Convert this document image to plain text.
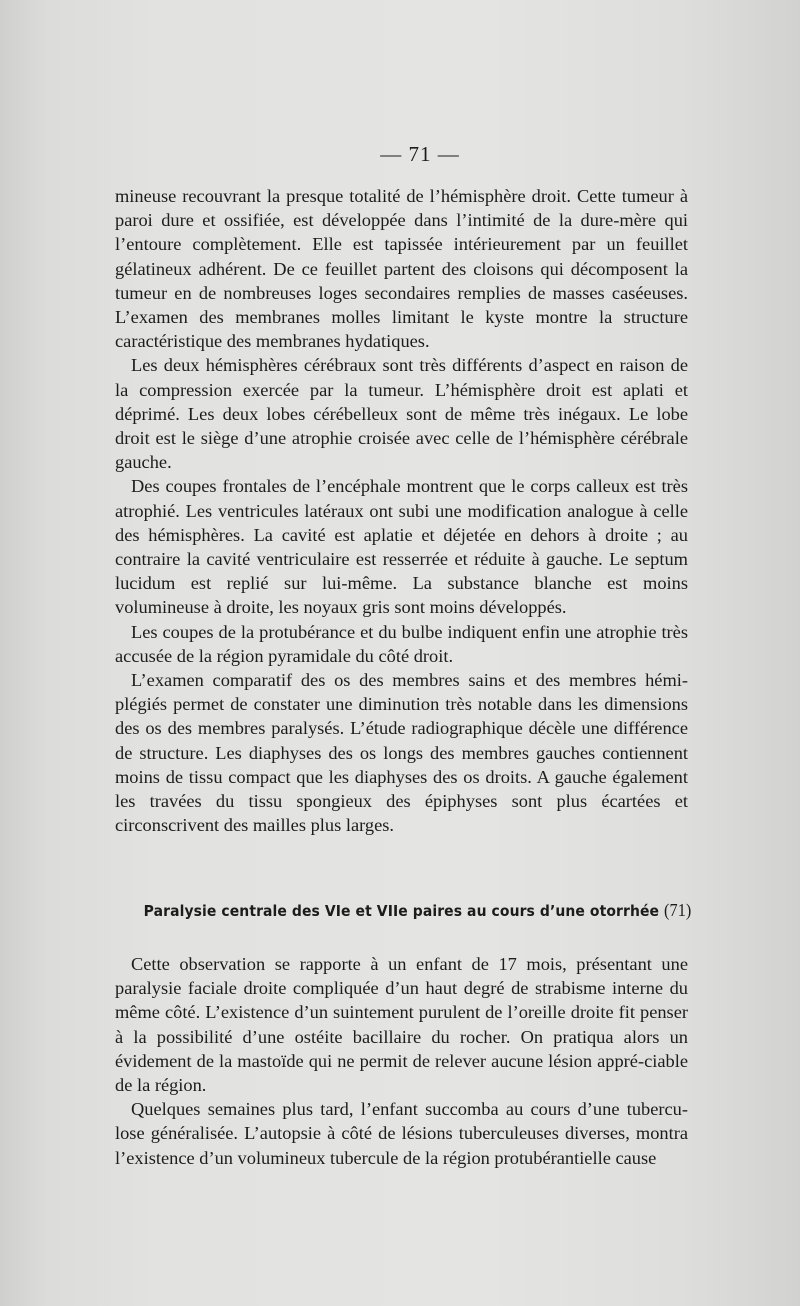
— 71 —

mineuse recouvrant la presque totalité de l’hémisphère droit. Cette tumeur à paroi dure et ossifiée, est développée dans l’intimité de la dure-mère qui l’entoure complètement. Elle est tapissée intérieurement par un feuillet gélatineux adhérent. De ce feuillet partent des cloisons qui décomposent la tumeur en de nombreuses loges secondaires remplies de masses caséeuses. L’examen des membranes molles limitant le kyste montre la structure caractéristique des membranes hydatiques.

Les deux hémisphères cérébraux sont très différents d’aspect en raison de la compression exercée par la tumeur. L’hémisphère droit est aplati et déprimé. Les deux lobes cérébelleux sont de même très inégaux. Le lobe droit est le siège d’une atrophie croisée avec celle de l’hémisphère cérébrale gauche.

Des coupes frontales de l’encéphale montrent que le corps calleux est très atrophié. Les ventricules latéraux ont subi une modification analogue à celle des hémisphères. La cavité est aplatie et déjetée en dehors à droite ; au contraire la cavité ventriculaire est resserrée et réduite à gauche. Le septum lucidum est replié sur lui-même. La substance blanche est moins volumineuse à droite, les noyaux gris sont moins développés.

Les coupes de la protubérance et du bulbe indiquent enfin une atrophie très accusée de la région pyramidale du côté droit.

L’examen comparatif des os des membres sains et des membres hémi-plégiés permet de constater une diminution très notable dans les dimensions des os des membres paralysés. L’étude radiographique décèle une différence de structure. Les diaphyses des os longs des membres gauches contiennent moins de tissu compact que les diaphyses des os droits. A gauche également les travées du tissu spongieux des épiphyses sont plus écartées et circonscrivent des mailles plus larges.

Paralysie centrale des VIe et VIIe paires au cours d’une otorrhée (71)

Cette observation se rapporte à un enfant de 17 mois, présentant une paralysie faciale droite compliquée d’un haut degré de strabisme interne du même côté. L’existence d’un suintement purulent de l’oreille droite fit penser à la possibilité d’une ostéite bacillaire du rocher. On pratiqua alors un évidement de la mastoïde qui ne permit de relever aucune lésion appré-ciable de la région.

Quelques semaines plus tard, l’enfant succomba au cours d’une tubercu-lose généralisée. L’autopsie à côté de lésions tuberculeuses diverses, montra l’existence d’un volumineux tubercule de la région protubérantielle cause
